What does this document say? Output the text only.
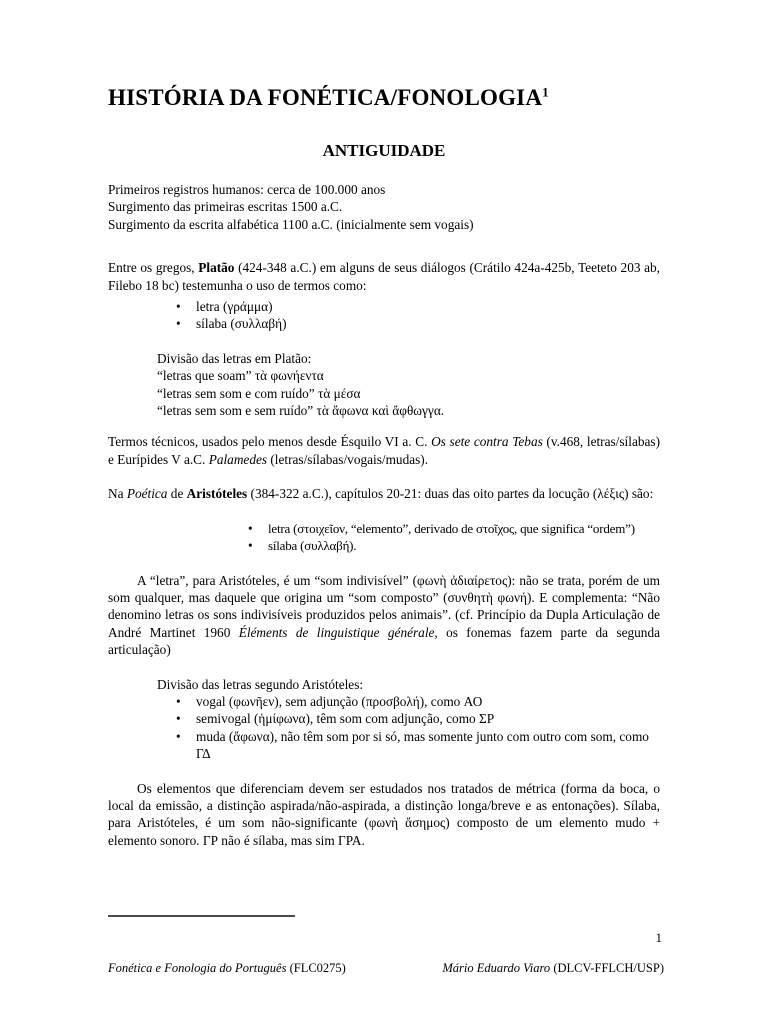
HISTÓRIA DA FONÉTICA/FONOLOGIA$^1$
ANTIGUIDADE
Primeiros registros humanos: cerca de 100.000 anos
Surgimento das primeiras escritas 1500 a.C.
Surgimento da escrita alfabética 1100 a.C. (inicialmente sem vogais)

Entre os gregos, Platão (424-348 a.C.) em alguns de seus diálogos (Crátilo 424a-425b, Teeteto 203 ab, Filebo 18 bc) testemunha o uso de termos como:

•	letra (γράμμα)
•	sílaba (συλλαβή)
Divisão das letras em Platão:
“letras que soam” τὰ φωνήεντα
“letras sem som e com ruído” τὰ μέσα
“letras sem som e sem ruído” τὰ ἄφωνα καὶ ἄφθωγγα.

Termos técnicos, usados pelo menos desde Ésquilo VI a. C. Os sete contra Tebas (v.468, letras/sílabas) e Eurípides V a.C. Palamedes (letras/sílabas/vogais/mudas).

Na Poética de Aristóteles (384-322 a.C.), capítulos 20-21: duas das oito partes da locução (λέξις) são:

•	letra (στοιχεῖον, “elemento”, derivado de στοῖχος, que significa “ordem”)
•	sílaba (συλλαβή).

A “letra”, para Aristóteles, é um “som indivisível” (φωνὴ ἀδιαίρετος): não se trata, porém de um som qualquer, mas daquele que origina um “som composto” (συνθητὴ φωνή). E complementa: “Não denomino letras os sons indivisíveis produzidos pelos animais”. (cf. Princípio da Dupla Articulação de André Martinet 1960 Éléments de linguistique générale, os fonemas fazem parte da segunda articulação)

Divisão das letras segundo Aristóteles:
•	vogal (φωνῆεν), sem adjunção (προσβολή), como ΑΟ
•	semivogal (ἡμίφωνα), têm som com adjunção, como ΣΡ
•	muda (ἄφωνα), não têm som por si só, mas somente junto com outro com som, como ΓΔ

Os elementos que diferenciam devem ser estudados nos tratados de métrica (forma da boca, o local da emissão, a distinção aspirada/não-aspirada, a distinção longa/breve e as entonações). Sílaba, para Aristóteles, é um som não-significante (φωνὴ ἄσημος) composto de um elemento mudo + elemento sonoro. ΓΡ não é sílaba, mas sim ΓΡΑ.

1
Fonética e Fonologia do Português (FLC0275)	Mário Eduardo Viaro (DLCV-FFLCH/USP)
